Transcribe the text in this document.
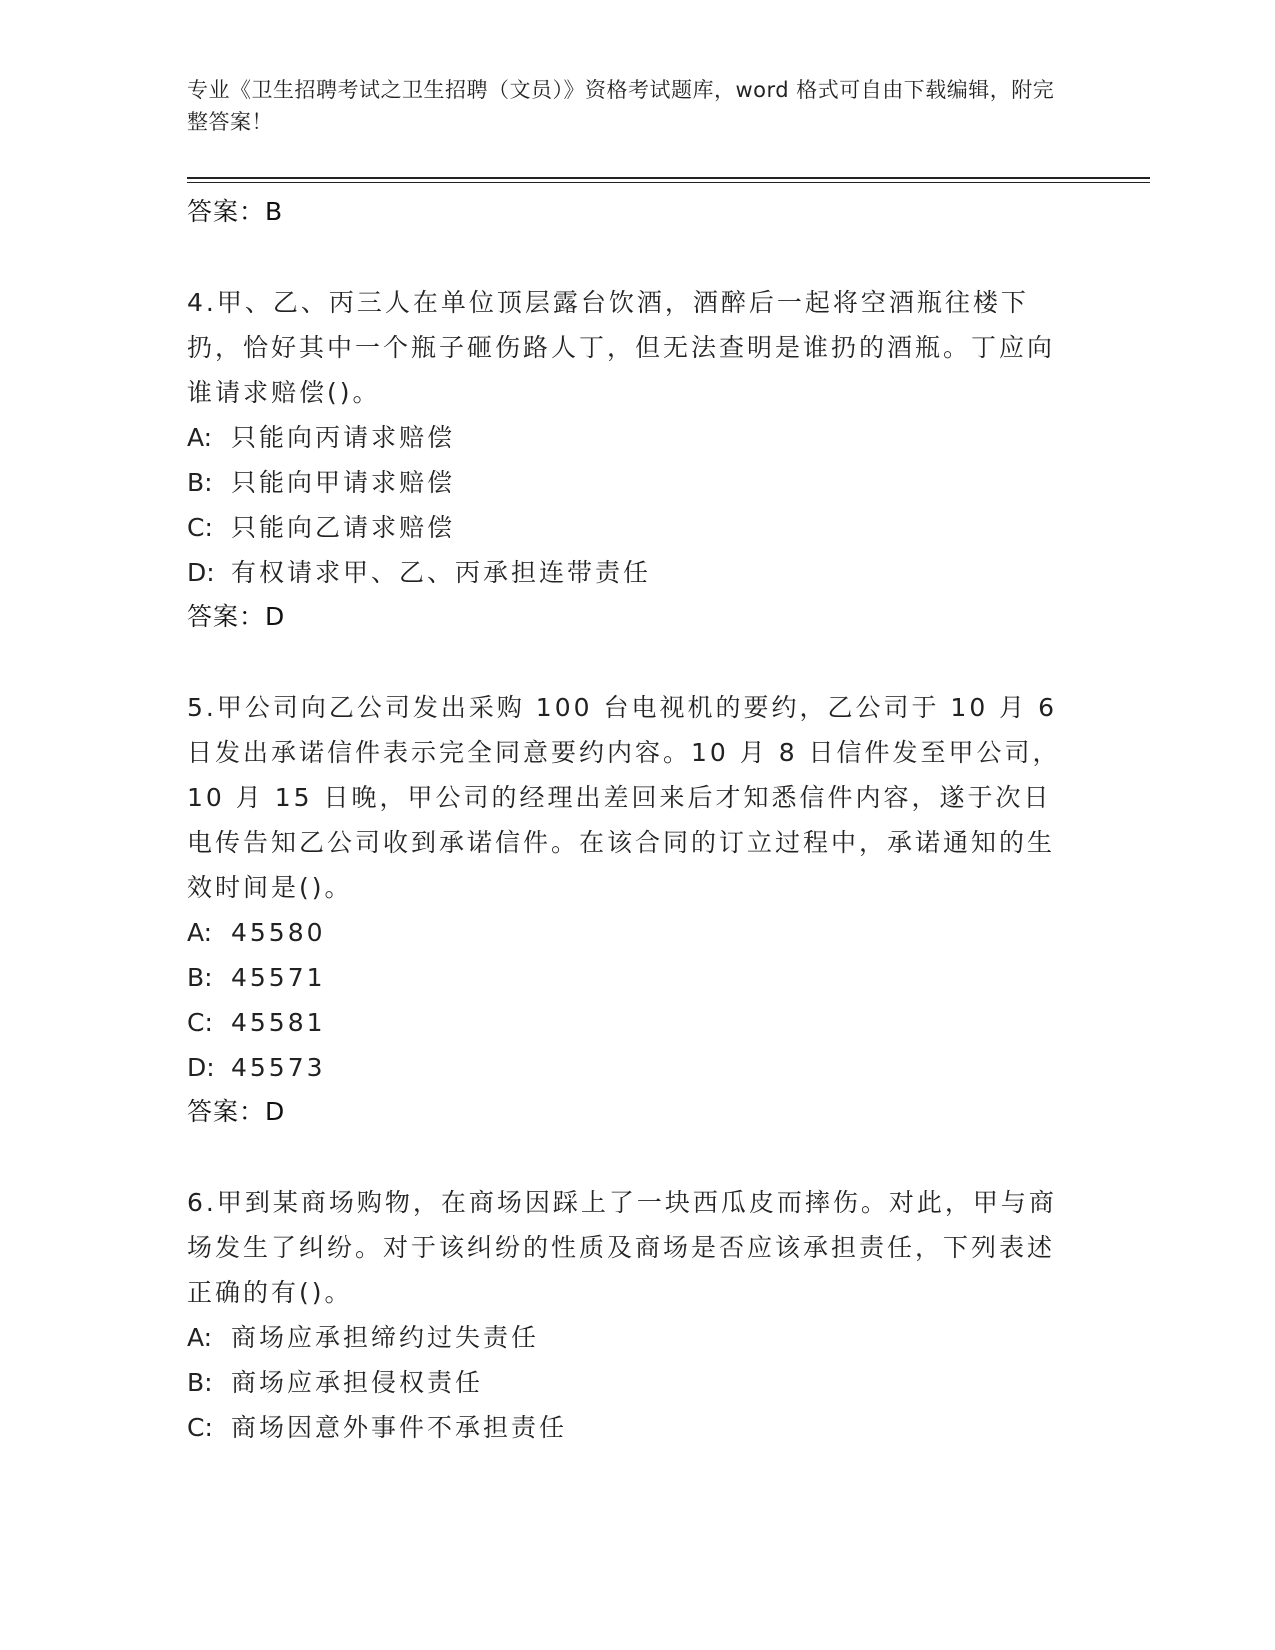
专业《卫生招聘考试之卫生招聘（文员）》资格考试题库，word 格式可自由下载编辑，附完整答案！
答案：B
4.甲、乙、丙三人在单位顶层露台饮酒，酒醉后一起将空酒瓶往楼下扔，恰好其中一个瓶子砸伤路人丁，但无法查明是谁扔的酒瓶。丁应向谁请求赔偿()。
A: 只能向丙请求赔偿
B: 只能向甲请求赔偿
C: 只能向乙请求赔偿
D: 有权请求甲、乙、丙承担连带责任
答案：D
5.甲公司向乙公司发出采购 100 台电视机的要约，乙公司于 10 月 6 日发出承诺信件表示完全同意要约内容。10 月 8 日信件发至甲公司，10 月 15 日晚，甲公司的经理出差回来后才知悉信件内容，遂于次日电传告知乙公司收到承诺信件。在该合同的订立过程中，承诺通知的生效时间是()。
A: 45580
B: 45571
C: 45581
D: 45573
答案：D
6.甲到某商场购物，在商场因踩上了一块西瓜皮而摔伤。对此，甲与商场发生了纠纷。对于该纠纷的性质及商场是否应该承担责任，下列表述正确的有()。
A: 商场应承担缔约过失责任
B: 商场应承担侵权责任
C: 商场因意外事件不承担责任
